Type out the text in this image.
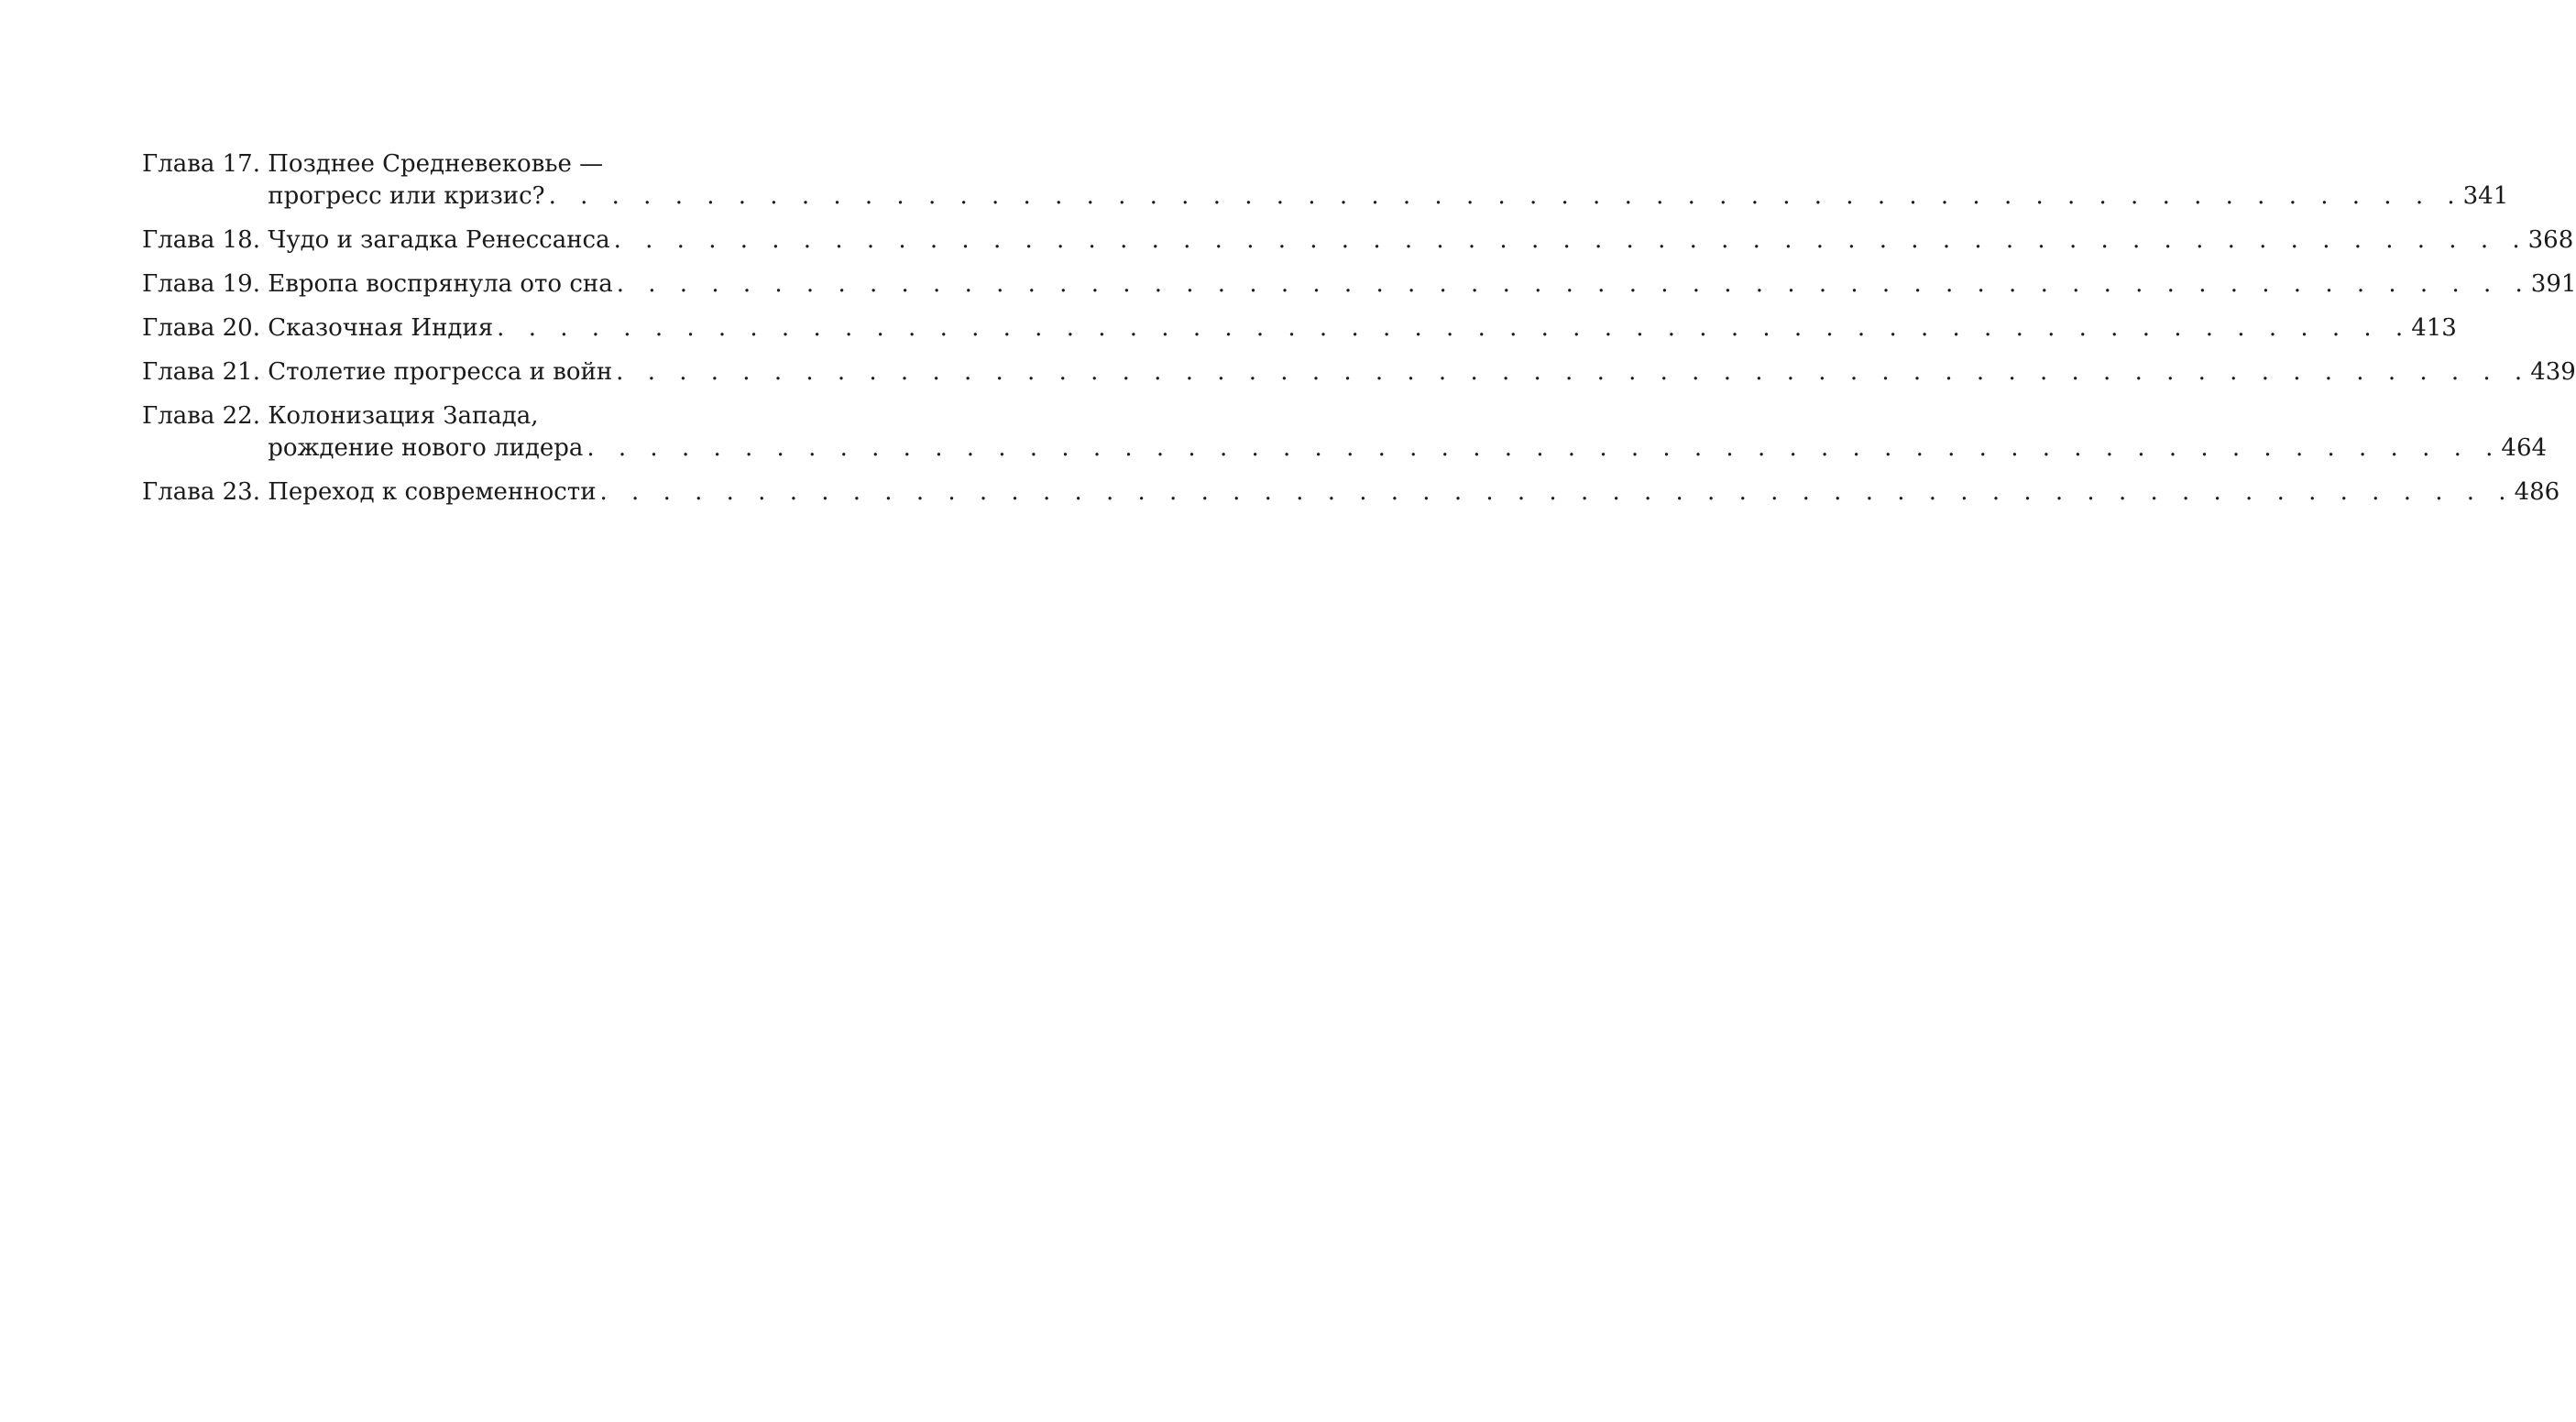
Глава 17.
Позднее Средневековье —
прогресс или кризис? . . . . . . . . . . . . . . . . . . . . . . . . . . . . . . . . . . . . . . . . . . . . . . . . . . . . . . . . . . . . . 341
Глава 18.
Чудо и загадка Ренессанса . . . . . . . . . . . . . . . . . . . . . . . . . . . . . . . . . . . . . . . . . . . . . . . . . . . . . . . . . . . . . 368
Глава 19.
Европа воспрянула ото сна . . . . . . . . . . . . . . . . . . . . . . . . . . . . . . . . . . . . . . . . . . . . . . . . . . . . . . . . . . . . . 391
Глава 20.
Сказочная Индия . . . . . . . . . . . . . . . . . . . . . . . . . . . . . . . . . . . . . . . . . . . . . . . . . . . . . . . . . . . . . 413
Глава 21.
Столетие прогресса и войн . . . . . . . . . . . . . . . . . . . . . . . . . . . . . . . . . . . . . . . . . . . . . . . . . . . . . . . . . . . . . 439
Глава 22.
Колонизация Запада,
рождение нового лидера . . . . . . . . . . . . . . . . . . . . . . . . . . . . . . . . . . . . . . . . . . . . . . . . . . . . . . . . . . . . . 464
Глава 23.
Переход к современности . . . . . . . . . . . . . . . . . . . . . . . . . . . . . . . . . . . . . . . . . . . . . . . . . . . . . . . . . . . . . 486
